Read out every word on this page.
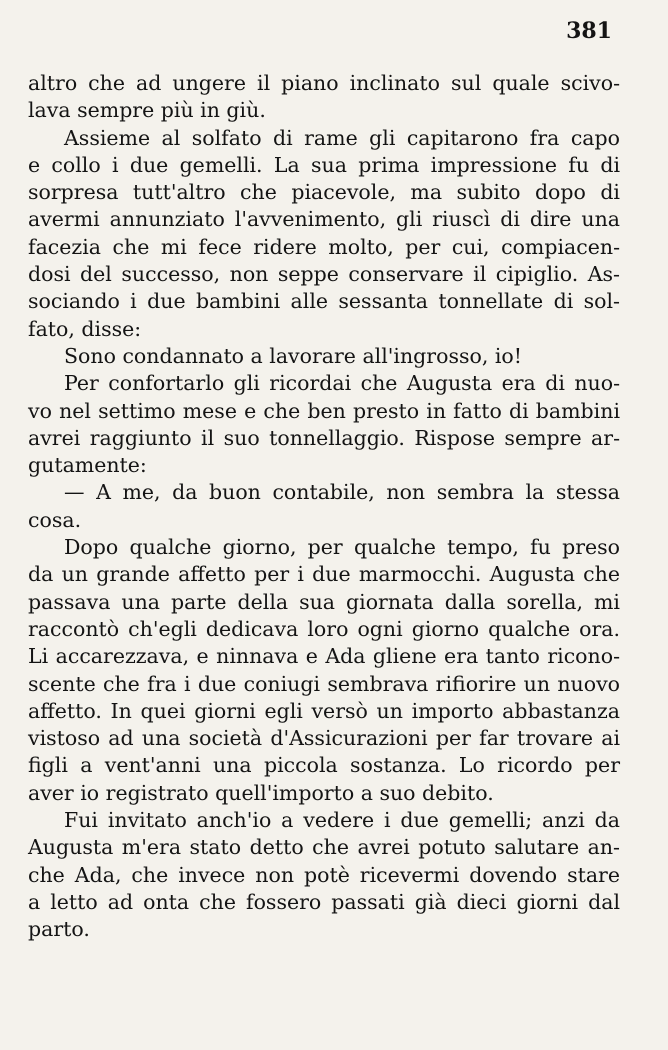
381
altro che ad ungere il piano inclinato sul quale scivo-
lava sempre più in giù.
Assieme al solfato di rame gli capitarono fra capo
e collo i due gemelli. La sua prima impressione fu di
sorpresa tutt'altro che piacevole, ma subito dopo di
avermi annunziato l'avvenimento, gli riuscì di dire una
facezia che mi fece ridere molto, per cui, compiacen-
dosi del successo, non seppe conservare il cipiglio. As-
sociando i due bambini alle sessanta tonnellate di sol-
fato, disse:
Sono condannato a lavorare all'ingrosso, io!
Per confortarlo gli ricordai che Augusta era di nuo-
vo nel settimo mese e che ben presto in fatto di bambini
avrei raggiunto il suo tonnellaggio. Rispose sempre ar-
gutamente:
— A me, da buon contabile, non sembra la stessa
cosa.
Dopo qualche giorno, per qualche tempo, fu preso
da un grande affetto per i due marmocchi. Augusta che
passava una parte della sua giornata dalla sorella, mi
raccontò ch'egli dedicava loro ogni giorno qualche ora.
Li accarezzava, e ninnava e Ada gliene era tanto ricono-
scente che fra i due coniugi sembrava rifiorire un nuovo
affetto. In quei giorni egli versò un importo abbastanza
vistoso ad una società d'Assicurazioni per far trovare ai
figli a vent'anni una piccola sostanza. Lo ricordo per
aver io registrato quell'importo a suo debito.
Fui invitato anch'io a vedere i due gemelli; anzi da
Augusta m'era stato detto che avrei potuto salutare an-
che Ada, che invece non potè ricevermi dovendo stare
a letto ad onta che fossero passati già dieci giorni dal
parto.
